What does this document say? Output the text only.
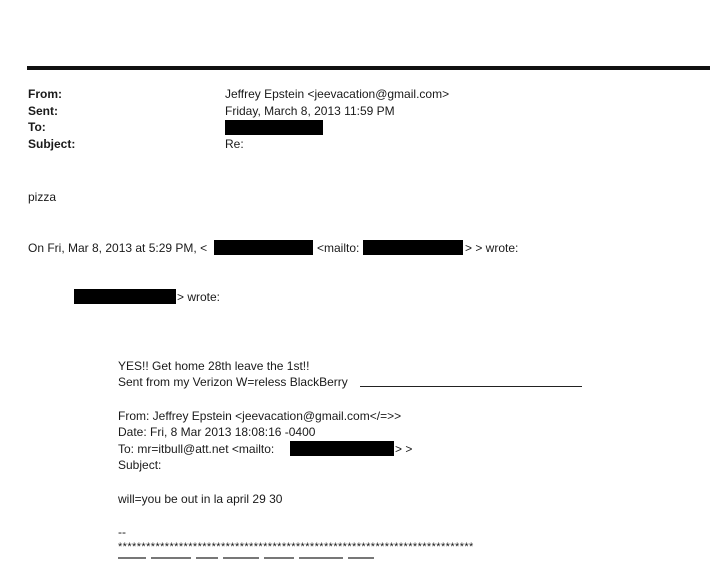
From:	Jeffrey Epstein <jeevacation@gmail.com>
Sent:	Friday, March 8, 2013 11:59 PM
To:
Subject:	Re:
pizza
On Fri, Mar 8, 2013 at 5:29 PM, <	<mailto:	> > wrote:
> wrote:
YES!! Get home 28th leave the 1st!!
Sent from my Verizon W=reless BlackBerry
From: Jeffrey Epstein <jeevacation@gmail.com</=>>
Date: Fri, 8 Mar 2013 18:08:16 -0400
To: mr=itbull@att.net <mailto:	> >
Subject:
will=you be out in la april 29 30
--
****************************************************************************
